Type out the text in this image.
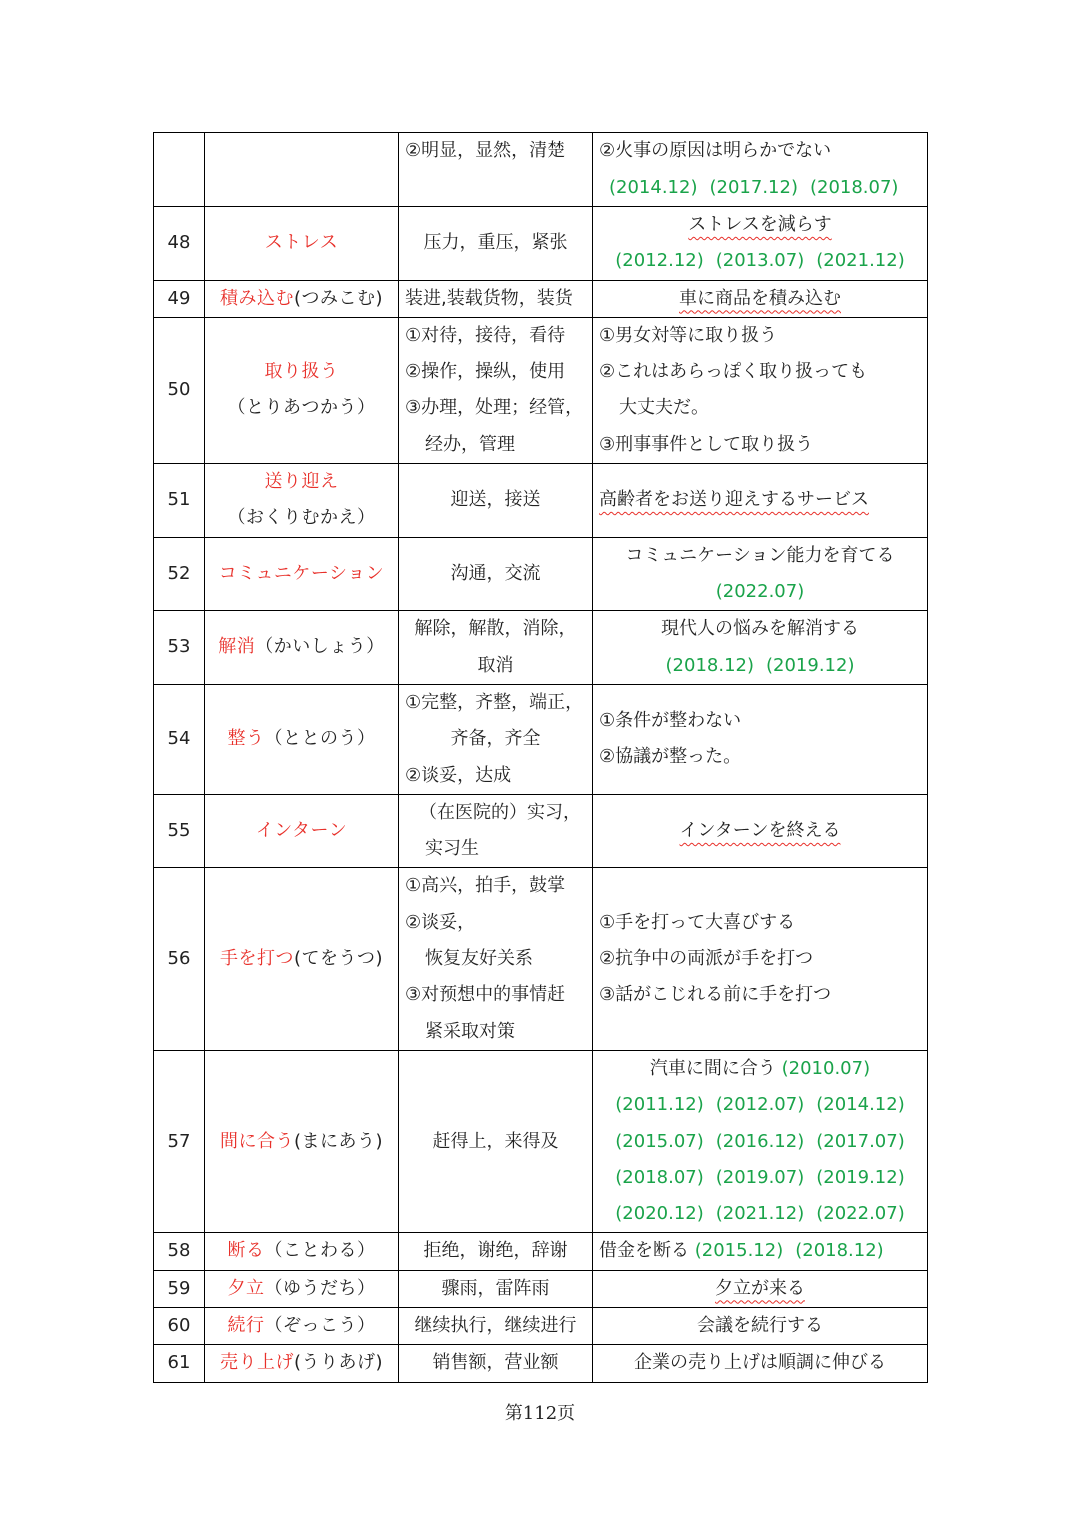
		②明显，显然，清楚	②火事の原因は明らかでない
(2014.12) (2017.12) (2018.07)

48	ストレス	压力，重压，紧张	ストレスを減らす
(2012.12) (2013.07) (2021.12)

49	積み込む(つみこむ)	装进,装载货物，装货	車に商品を積み込む
50	取り扱う
（とりあつかう）	①对待，接待，看待
②操作，操纵，使用
③办理，处理；经管，
经办，管理	①男女対等に取り扱う
②これはあらっぽく取り扱っても
大丈夫だ。
③刑事事件として取り扱う

51	送り迎え
（おくりむかえ）	迎送，接送	高齢者をお送り迎えするサービス
52	コミュニケーション	沟通，交流	コミュニケーション能力を育てる
(2022.07)

53	解消（かいしょう）	解除，解散，消除，
取消	現代人の悩みを解消する
(2018.12) (2019.12)

54	整う（ととのう）	①完整，齐整，端正，
齐备，齐全
②谈妥，达成	①条件が整わない
②協議が整った。

55	インターン	（在医院的）实习，
实习生	インターンを終える
56	手を打つ(てをうつ)	①高兴，拍手，鼓掌
②谈妥，
恢复友好关系
③对预想中的事情赶
紧采取对策	①手を打って大喜びする
②抗争中の両派が手を打つ
③話がこじれる前に手を打つ

57	間に合う(まにあう)	赶得上，来得及	汽車に間に合う (2010.07)
(2011.12) (2012.07) (2014.12)
(2015.07) (2016.12) (2017.07)
(2018.07) (2019.07) (2019.12)
(2020.12) (2021.12) (2022.07)

58	断る（ことわる）	拒绝，谢绝，辞谢	借金を断る (2015.12) (2018.12)
59	夕立（ゆうだち）	骤雨，雷阵雨	夕立が来る
60	続行（ぞっこう）	继续执行，继续进行	会議を続行する
61	売り上げ(うりあげ)	销售额，营业额	企業の売り上げは順調に伸びる
第112页
